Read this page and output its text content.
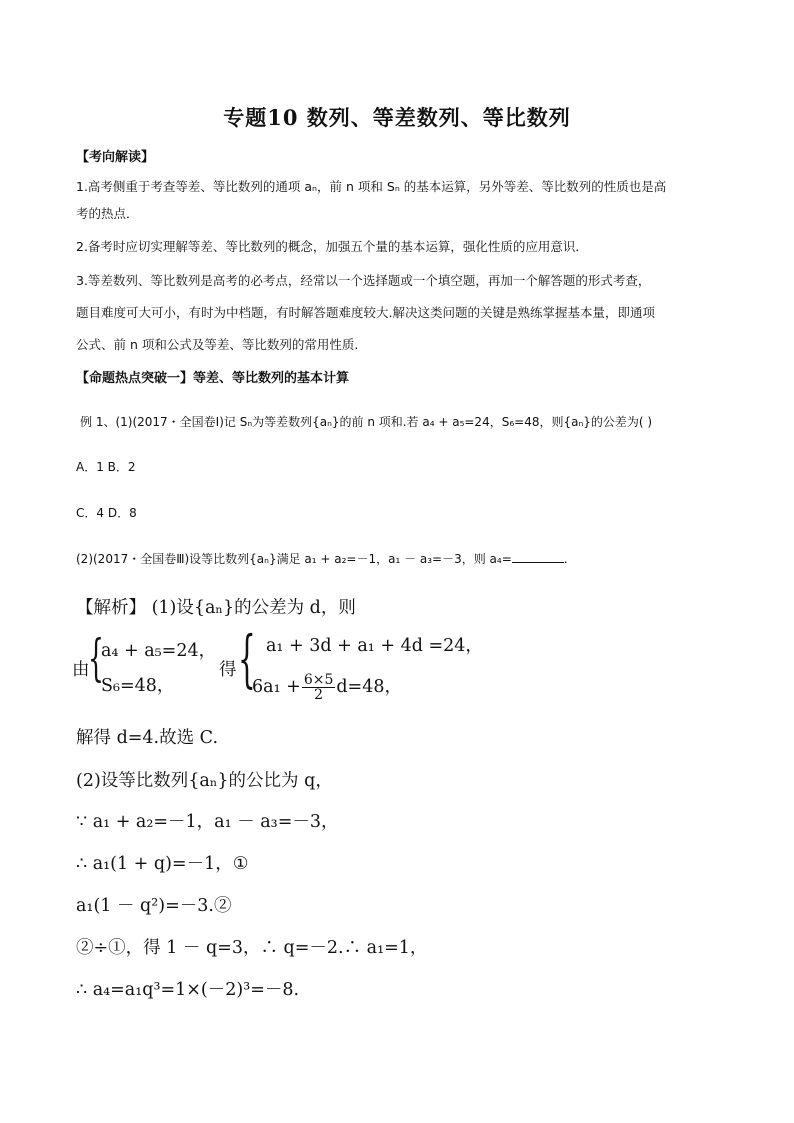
专题10 数列、等差数列、等比数列
【考向解读】
1.高考侧重于考查等差、等比数列的通项 aₙ，前 n 项和 Sₙ 的基本运算，另外等差、等比数列的性质也是高
考的热点．
2.备考时应切实理解等差、等比数列的概念，加强五个量的基本运算，强化性质的应用意识．
3.等差数列、等比数列是高考的必考点，经常以一个选择题或一个填空题，再加一个解答题的形式考查，
题目难度可大可小，有时为中档题，有时解答题难度较大.解决这类问题的关键是熟练掌握基本量，即通项
公式、前 n 项和公式及等差、等比数列的常用性质.
【命题热点突破一】等差、等比数列的基本计算
例 1、(1)(2017・全国卷Ⅰ)记 Sₙ为等差数列{aₙ}的前 n 项和.若 a₄ + a₅=24，S₆=48，则{aₙ}的公差为( )
A．1 B．2
C．4 D．8
(2)(2017・全国卷Ⅲ)设等比数列{aₙ}满足 a₁ + a₂=－1，a₁ － a₃=－3，则 a₄=	.
【解析】 (1)设{aₙ}的公差为 d，则
由
{
a₄ + a₅=24，
S₆=48，
得 { a₁ + 3d + a₁ + 4d =24，
$6a_1 + \frac{6\times 5}{2} d=48$，
解得 d=4.故选 C.
(2)设等比数列{aₙ}的公比为 q，
∵ a₁ + a₂=－1，a₁ － a₃=－3，
∴ a₁(1 + q)=－1，①
a₁(1 － q²)=－3.②
②÷①，得 1 － q=3，∴ q=－2.∴ a₁=1，
∴ a₄=a₁q³=1×(－2)³=－8.
